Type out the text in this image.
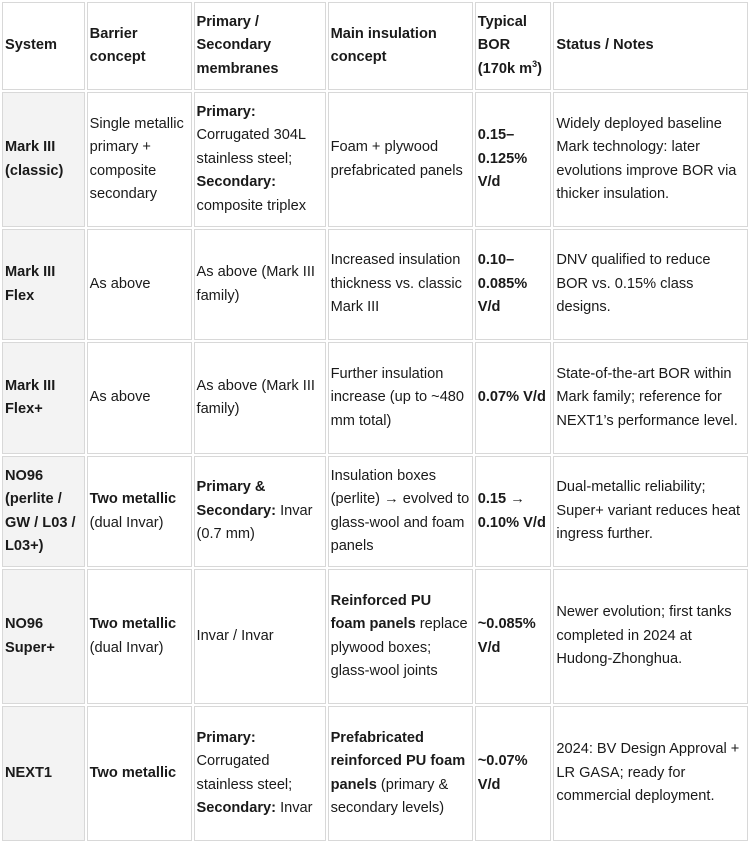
System	Barrier concept	Primary / Secondary membranes	Main insulation concept	Typical BOR (170k $m^3$)	Status / Notes
Mark III (classic)	Single metallic primary + composite secondary	Primary: Corrugated 304L stainless steel; Secondary: composite triplex	Foam + plywood prefabricated panels	0.15–0.125% V/d	Widely deployed baseline Mark technology: later evolutions improve BOR via thicker insulation.
Mark III Flex	As above	As above (Mark III family)	Increased insulation thickness vs. classic Mark III	0.10–0.085% V/d	DNV qualified to reduce BOR vs. 0.15% class designs.
Mark III Flex+	As above	As above (Mark III family)	Further insulation increase (up to ~480 mm total)	0.07% V/d	State-of-the-art BOR within Mark family; reference for NEXT1’s performance level.
NO96 (perlite / GW / L03 / L03+)	Two metallic (dual Invar)	Primary & Secondary: Invar (0.7 mm)	Insulation boxes (perlite) → evolved to glass-wool and foam panels	0.15 → 0.10% V/d	Dual-metallic reliability; Super+ variant reduces heat ingress further.
NO96 Super+	Two metallic (dual Invar)	Invar / Invar	Reinforced PU foam panels replace plywood boxes; glass-wool joints	~0.085% V/d	Newer evolution; first tanks completed in 2024 at Hudong-Zhonghua.
NEXT1	Two metallic	Primary: Corrugated stainless steel; Secondary: Invar	Prefabricated reinforced PU foam panels (primary & secondary levels)	~0.07% V/d	2024: BV Design Approval + LR GASA; ready for commercial deployment.
